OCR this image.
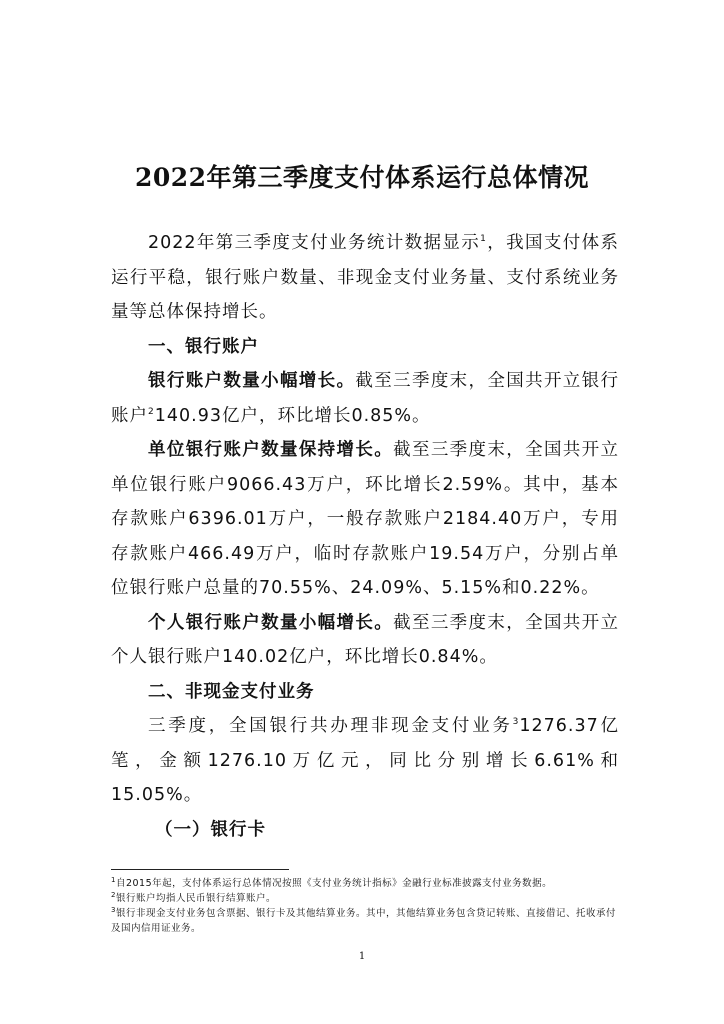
2022年第三季度支付体系运行总体情况

2022年第三季度支付业务统计数据显示$^1$，我国支付体系运行平稳，银行账户数量、非现金支付业务量、支付系统业务量等总体保持增长。

一、银行账户

银行账户数量小幅增长。截至三季度末，全国共开立银行账户$^2$140.93亿户，环比增长0.85%。

单位银行账户数量保持增长。截至三季度末，全国共开立单位银行账户9066.43万户，环比增长2.59%。其中，基本存款账户6396.01万户，一般存款账户2184.40万户，专用存款账户466.49万户，临时存款账户19.54万户，分别占单位银行账户总量的70.55%、24.09%、5.15%和0.22%。

个人银行账户数量小幅增长。截至三季度末，全国共开立个人银行账户140.02亿户，环比增长0.84%。

二、非现金支付业务

三季度，全国银行共办理非现金支付业务$^3$1276.37亿笔，金额1276.10万亿元，同比分别增长6.61%和15.05%。

（一）银行卡
$^1$自2015年起，支付体系运行总体情况按照《支付业务统计指标》金融行业标准披露支付业务数据。
$^2$银行账户均指人民币银行结算账户。
$^3$银行非现金支付业务包含票据、银行卡及其他结算业务。其中，其他结算业务包含贷记转账、直接借记、托收承付及国内信用证业务。
1
